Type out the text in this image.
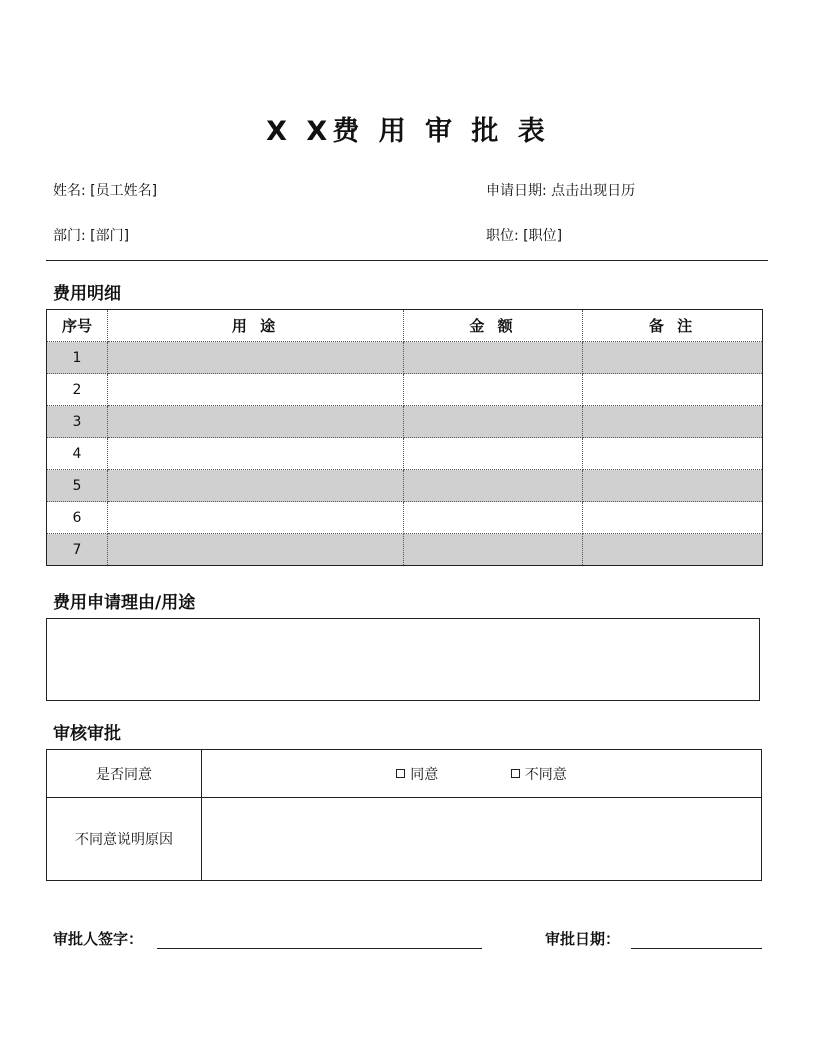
X X费 用 审 批 表
姓名: [员工姓名]	申请日期: 点击出现日历
部门: [部门]	职位: [职位]
费用明细
序号	用 途	金 额	备 注
1			
2			
3			
4			
5			
6			
7			
费用申请理由/用途
审核审批
是否同意	同意 不同意
不同意说明原因	
审批人签字：	审批日期：
